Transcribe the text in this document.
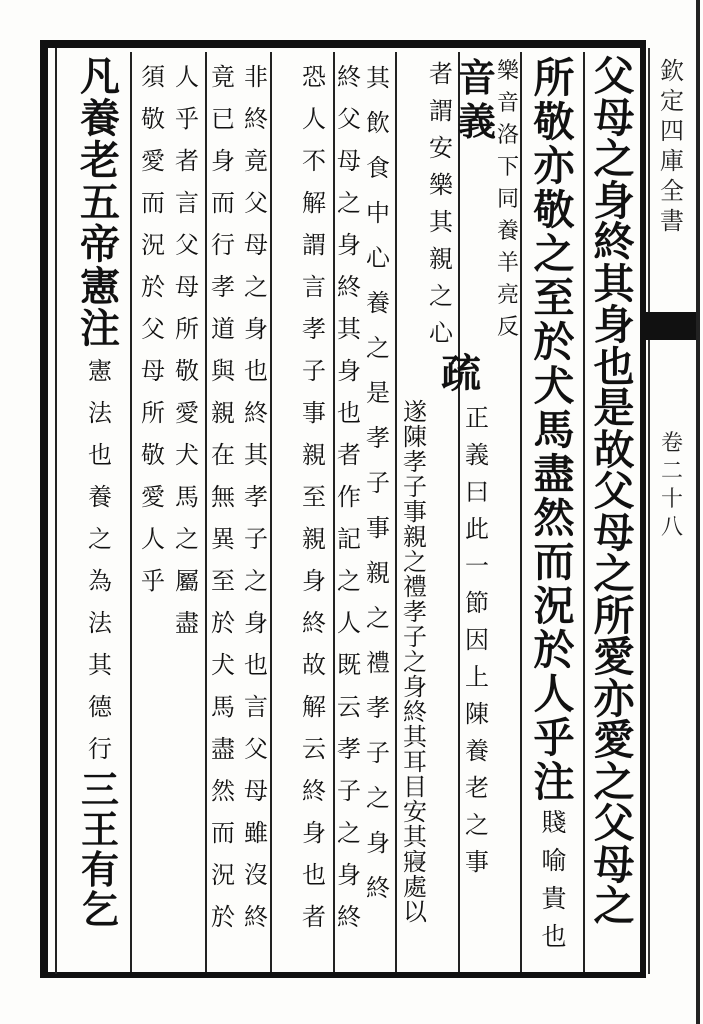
欽定四庫全書
卷二十八
父母之身終其身也是故父母之所愛亦愛之父母之
所敬亦敬之至於犬馬盡然而況於人乎注
賤喻貴也
音義
樂音洛下同養羊亮反
者謂安樂其親之心
疏
正義曰此一節因上陳養老之事
其飲食中心養之是孝子事親之禮孝子之身終
遂陳孝子事親之禮孝子之身終其耳目安其寢處以
恐人不解謂言孝子事親至親身終故解云終身也者
終父母之身終其身也者作記之人既云孝子之身終
非終竟父母之身也終其孝子之身也言父母雖沒終
竟已身而行孝道與親在無異至於犬馬盡然而況於
人乎者言父母所敬愛犬馬之屬盡
須敬愛而況於父母所敬愛人乎
凡養老五帝憲注
憲法也養之為法其德行
三王有乞
